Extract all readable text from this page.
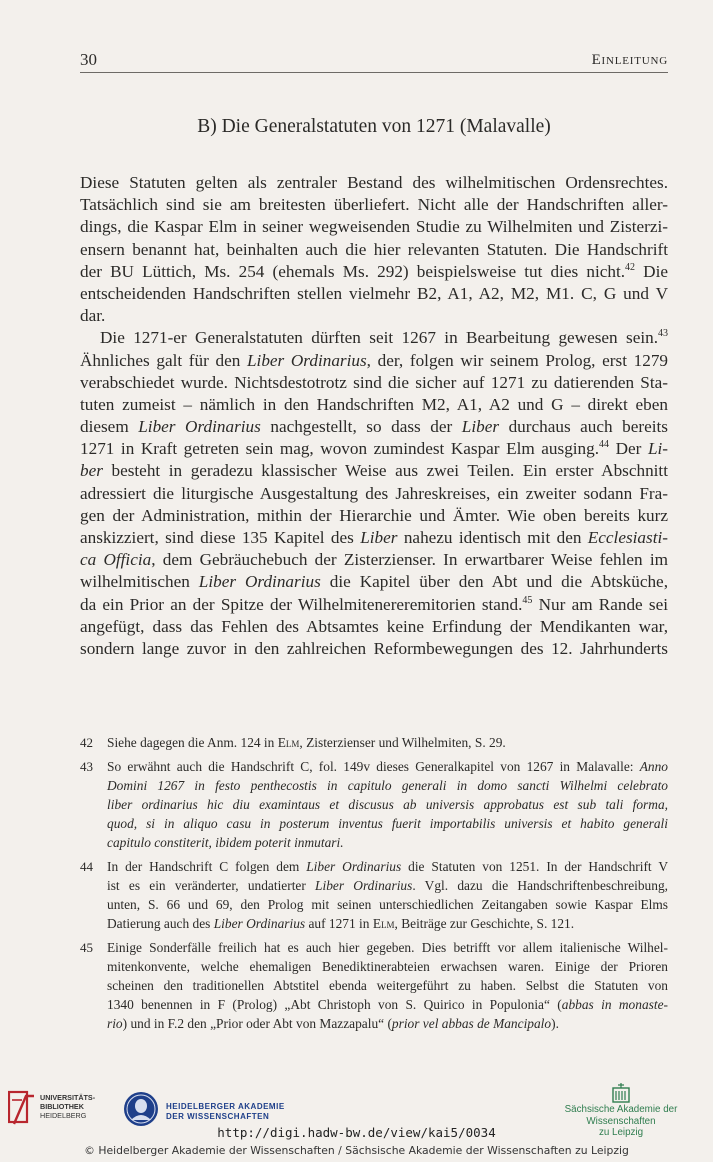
30	Einleitung
B) Die Generalstatuten von 1271 (Malavalle)
Diese Statuten gelten als zentraler Bestand des wilhelmitischen Ordensrechtes.
Tatsächlich sind sie am breitesten überliefert. Nicht alle der Handschriften aller-
dings, die Kaspar Elm in seiner wegweisenden Studie zu Wilhelmiten und Zisterzi-
ensern benannt hat, beinhalten auch die hier relevanten Statuten. Die Handschrift
der BU Lüttich, Ms. 254 (ehemals Ms. 292) beispielsweise tut dies nicht.$^{42}$ Die
entscheidenden Handschriften stellen vielmehr B2, A1, A2, M2, M1. C, G und V
dar.
Die 1271-er Generalstatuten dürften seit 1267 in Bearbeitung gewesen sein.$^{43}$
Ähnliches galt für den Liber Ordinarius, der, folgen wir seinem Prolog, erst 1279
verabschiedet wurde. Nichtsdestotrotz sind die sicher auf 1271 zu datierenden Sta-
tuten zumeist – nämlich in den Handschriften M2, A1, A2 und G – direkt eben
diesem Liber Ordinarius nachgestellt, so dass der Liber durchaus auch bereits
1271 in Kraft getreten sein mag, wovon zumindest Kaspar Elm ausging.$^{44}$ Der Li-
ber besteht in geradezu klassischer Weise aus zwei Teilen. Ein erster Abschnitt
adressiert die liturgische Ausgestaltung des Jahreskreises, ein zweiter sodann Fra-
gen der Administration, mithin der Hierarchie und Ämter. Wie oben bereits kurz
anskizziert, sind diese 135 Kapitel des Liber nahezu identisch mit den Ecclesiasti-
ca Officia, dem Gebräuchebuch der Zisterzienser. In erwartbarer Weise fehlen im
wilhelmitischen Liber Ordinarius die Kapitel über den Abt und die Abtsküche,
da ein Prior an der Spitze der Wilhelmitenereremitorien stand.$^{45}$ Nur am Rande sei
angefügt, dass das Fehlen des Abtsamtes keine Erfindung der Mendikanten war,
sondern lange zuvor in den zahlreichen Reformbewegungen des 12. Jahrhunderts
42 Siehe dagegen die Anm. 124 in Elm, Zisterzienser und Wilhelmiten, S. 29.
43 So erwähnt auch die Handschrift C, fol. 149v dieses Generalkapitel von 1267 in Malavalle: Anno
Domini 1267 in festo penthecostis in capitulo generali in domo sancti Wilhelmi celebrato
liber ordinarius hic diu examintaus et discusus ab universis approbatus est sub tali forma,
quod, si in aliquo casu in posterum inventus fuerit importabilis universis et habito generali
capitulo constiterit, ibidem poterit inmutari.
44 In der Handschrift C folgen dem Liber Ordinarius die Statuten von 1251. In der Handschrift V
ist es ein veränderter, undatierter Liber Ordinarius. Vgl. dazu die Handschriftenbeschreibung,
unten, S. 66 und 69, den Prolog mit seinen unterschiedlichen Zeitangaben sowie Kaspar Elms
Datierung auch des Liber Ordinarius auf 1271 in Elm, Beiträge zur Geschichte, S. 121.
45 Einige Sonderfälle freilich hat es auch hier gegeben. Dies betrifft vor allem italienische Wilhel-
mitenkonvente, welche ehemaligen Benediktinerabteien erwachsen waren. Einige der Prioren
scheinen den traditionellen Abtstitel ebenda weitergeführt zu haben. Selbst die Statuten von
1340 benennen in F (Prolog) „Abt Christoph von S. Quirico in Populonia“ (abbas in monaste-
rio) und in F.2 den „Prior oder Abt von Mazzapalu“ (prior vel abbas de Mancipalo).
UNIVERSITÄTS-
BIBLIOTHEK
HEIDELBERG
HEIDELBERGER AKADEMIE
DER WISSENSCHAFTEN
Sächsische Akademie der Wissenschaften
zu Leipzig
http://digi.hadw-bw.de/view/kai5/0034
© Heidelberger Akademie der Wissenschaften / Sächsische Akademie der Wissenschaften zu Leipzig
